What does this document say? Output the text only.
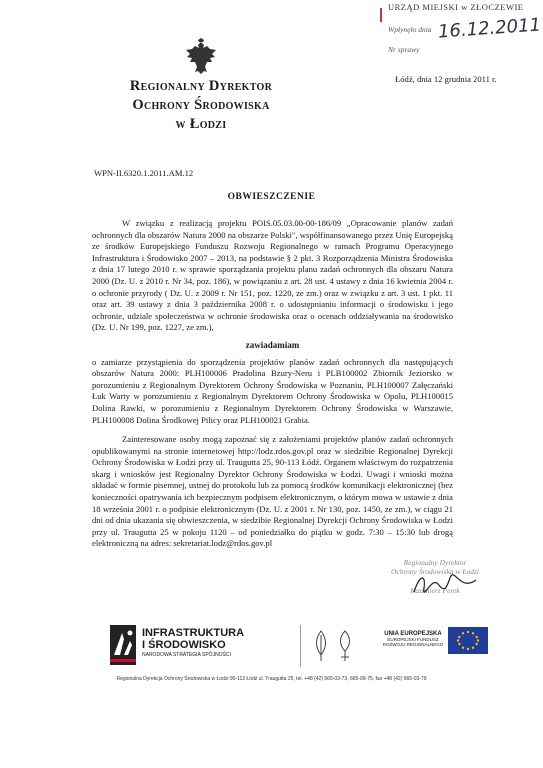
URZĄD MIEJSKI w ZŁOCZEWIE
Wpłynęło dnia 16.12.2011
Nr sprawy
Regionalny Dyrektor
Ochrony Środowiska
w Łodzi
Łódź, dnia 12 grudnia 2011 r.
WPN-II.6320.1.2011.AM.12
OBWIESZCZENIE

W związku z realizacją projektu POIS.05.03.00-00-186/09 „Opracowanie planów zadań ochronnych dla obszarów Natura 2000 na obszarze Polski", współfinansowanego przez Unię Europejską ze środków Europejskiego Funduszu Rozwoju Regionalnego w ramach Programu Operacyjnego Infrastruktura i Środowisko 2007 – 2013, na podstawie § 2 pkt. 3 Rozporządzenia Ministra Środowiska z dnia 17 lutego 2010 r. w sprawie sporządzania projektu planu zadań ochronnych dla obszaru Natura 2000 (Dz. U. z 2010 r. Nr 34, poz. 186), w powiązaniu z art. 28 ust. 4 ustawy z dnia 16 kwietnia 2004 r. o ochronie przyrody ( Dz. U. z 2009 r. Nr 151, poz. 1220, ze zm.) oraz w związku z art. 3 ust. 1 pkt. 11 oraz art. 39 ustawy z dnia 3 października 2008 r. o udostępnianiu informacji o środowisku i jego ochronie, udziale społeczeństwa w ochronie środowiska oraz o ocenach oddziaływania na środowisko (Dz. U. Nr 199, poz. 1227, ze zm.),

zawiadamiam

o zamiarze przystąpienia do sporządzenia projektów planów zadań ochronnych dla następujących obszarów Natura 2000: PLH100006 Pradolina Bzury-Neru i PLB100002 Zbiornik Jeziorsko w porozumieniu z Regionalnym Dyrektorem Ochrony Środowiska w Poznaniu, PLH100007 Załęczański Łuk Warty w porozumieniu z Regionalnym Dyrektorem Ochrony Środowiska w Opolu, PLH100015 Dolina Rawki, w porozumieniu z Regionalnym Dyrektorem Ochrony Środowiska w Warszawie, PLH100008 Dolina Środkowej Pilicy oraz PLH100021 Grabia.

Zainteresowane osoby mogą zapoznać się z założeniami projektów planów zadań ochronnych opublikowanymi na stronie internetowej http://lodz.rdos.gov.pl oraz w siedzibie Regionalnej Dyrekcji Ochrony Środowiska w Łodzi przy ul. Traugutta 25, 90-113 Łódź. Organem właściwym do rozpatrzenia skarg i wniosków jest Regionalny Dyrektor Ochrony Środowiska w Łodzi. Uwagi i wnioski można składać w formie pisemnej, ustnej do protokołu lub za pomocą środków komunikacji elektronicznej (bez konieczności opatrywania ich bezpiecznym podpisem elektronicznym, o którym mowa w ustawie z dnia 18 września 2001 r. o podpisie elektronicznym (Dz. U. z 2001 r. Nr 130, poz. 1450, ze zm.), w ciągu 21 dni od dnia ukazania się obwieszczenia, w siedzibie Regionalnej Dyrekcji Ochrony Środowiska w Łodzi przy ul. Traugutta 25 w pokoju 1120 – od poniedziałku do piątku w godz. 7:30 – 15:30 lub drogą elektroniczną na adres: sekretariat.lodz@rdos.gov.pl

Regionalny Dyrektor
Ochrony Środowiska w Łodzi
Kazimierz Perek
INFRASTRUKTURA
I ŚRODOWISKO
NARODOWA STRATEGIA SPÓJNOŚCI
UNIA EUROPEJSKA
EUROPEJSKI FUNDUSZ
ROZWOJU REGIONALNEGO
Regionalna Dyrekcja Ochrony Środowiska w Łodzi 90-113 Łódź ul. Traugutta 25, tel. +48 (42) 665-03-73, 665-09-75, fax +48 (42) 665-03-79
